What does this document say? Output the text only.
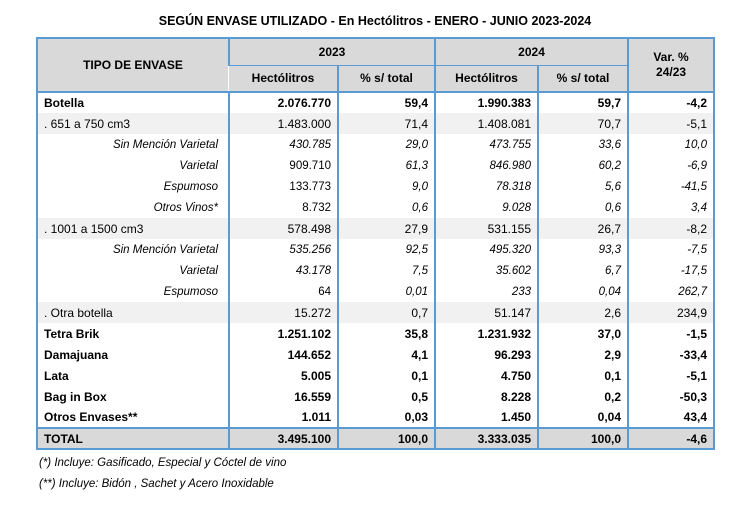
SEGÚN ENVASE UTILIZADO - En Hectólitros - ENERO - JUNIO 2023-2024
TIPO DE ENVASE	2023		2024		Var. %
24/23

	Hectólitros	% s/ total	Hectólitros	% s/ total	
Botella	2.076.770	59,4	1.990.383	59,7	-4,2
. 651 a 750 cm3	1.483.000	71,4	1.408.081	70,7	-5,1
Sin Mención Varietal	430.785	29,0	473.755	33,6	10,0
Varietal	909.710	61,3	846.980	60,2	-6,9
Espumoso	133.773	9,0	78.318	5,6	-41,5
Otros Vinos*	8.732	0,6	9.028	0,6	3,4
. 1001 a 1500 cm3	578.498	27,9	531.155	26,7	-8,2
Sin Mención Varietal	535.256	92,5	495.320	93,3	-7,5
Varietal	43.178	7,5	35.602	6,7	-17,5
Espumoso	64	0,01	233	0,04	262,7
. Otra botella	15.272	0,7	51.147	2,6	234,9
Tetra Brik	1.251.102	35,8	1.231.932	37,0	-1,5
Damajuana	144.652	4,1	96.293	2,9	-33,4
Lata	5.005	0,1	4.750	0,1	-5,1
Bag in Box	16.559	0,5	8.228	0,2	-50,3
Otros Envases**	1.011	0,03	1.450	0,04	43,4
TOTAL	3.495.100	100,0	3.333.035	100,0	-4,6

(*) Incluye: Gasificado, Especial y Cóctel de vino

(**) Incluye: Bidón , Sachet y Acero Inoxidable
